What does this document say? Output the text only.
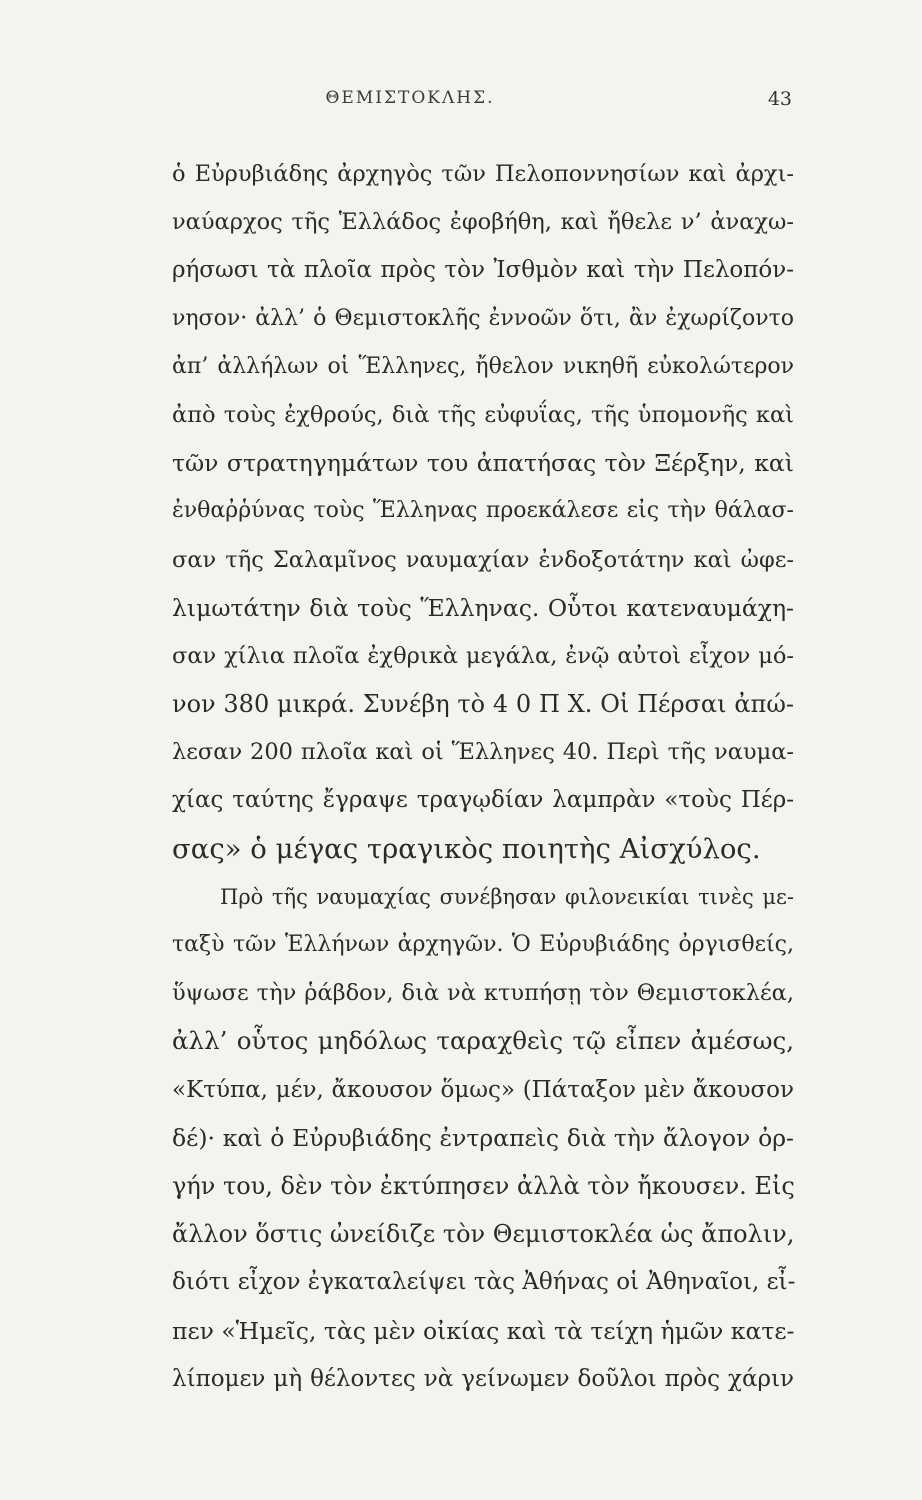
ΘΕΜΙΣΤΟΚΛΗΣ.	43
ὁ Εὐρυβιάδης ἀρχηγὸς τῶν Πελοποννησίων καὶ ἀρχι-
ναύαρχος τῆς Ἑλλάδος ἐφοβήθη, καὶ ἤθελε ν’ ἀναχω-
ρήσωσι τὰ πλοῖα πρὸς τὸν Ἰσθμὸν καὶ τὴν Πελοπόν-
νησον· ἀλλ’ ὁ Θεμιστοκλῆς ἐννοῶν ὅτι, ἂν ἐχωρίζοντο
ἀπ’ ἀλλήλων οἱ Ἕλληνες, ἤθελον νικηθῆ εὐκολώτερον
ἀπὸ τοὺς ἐχθρούς, διὰ τῆς εὐφυΐας, τῆς ὑπομονῆς καὶ
τῶν στρατηγημάτων του ἀπατήσας τὸν Ξέρξην, καὶ
ἐνθαῤῥύνας τοὺς Ἕλληνας προεκάλεσε εἰς τὴν θάλασ-
σαν τῆς Σαλαμῖνος ναυμαχίαν ἐνδοξοτάτην καὶ ὠφε-
λιμωτάτην διὰ τοὺς Ἕλληνας. Οὗτοι κατεναυμάχη-
σαν χίλια πλοῖα ἐχθρικὰ μεγάλα, ἐνῷ αὐτοὶ εἶχον μό-
νον 380 μικρά. Συνέβη τὸ 4 0 Π Χ. Οἱ Πέρσαι ἀπώ-
λεσαν 200 πλοῖα καὶ οἱ Ἕλληνες 40. Περὶ τῆς ναυμα-
χίας ταύτης ἔγραψε τραγῳδίαν λαμπρὰν «τοὺς Πέρ-
σας» ὁ μέγας τραγικὸς ποιητὴς Αἰσχύλος.
Πρὸ τῆς ναυμαχίας συνέβησαν φιλονεικίαι τινὲς με-
ταξὺ τῶν Ἑλλήνων ἀρχηγῶν. Ὁ Εὐρυβιάδης ὀργισθείς,
ὕψωσε τὴν ῥάβδον, διὰ νὰ κτυπήσῃ τὸν Θεμιστοκλέα,
ἀλλ’ οὗτος μηδόλως ταραχθεὶς τῷ εἶπεν ἀμέσως,
«Κτύπα, μέν, ἄκουσον ὅμως» (Πάταξον μὲν ἄκουσον
δέ)· καὶ ὁ Εὐρυβιάδης ἐντραπεὶς διὰ τὴν ἄλογον ὀρ-
γήν του, δὲν τὸν ἐκτύπησεν ἀλλὰ τὸν ἤκουσεν. Εἰς
ἄλλον ὅστις ὠνείδιζε τὸν Θεμιστοκλέα ὡς ἄπολιν,
διότι εἶχον ἐγκαταλείψει τὰς Ἀθήνας οἱ Ἀθηναῖοι, εἶ-
πεν «Ἡμεῖς, τὰς μὲν οἰκίας καὶ τὰ τείχη ἡμῶν κατε-
λίπομεν μὴ θέλοντες νὰ γείνωμεν δοῦλοι πρὸς χάριν
